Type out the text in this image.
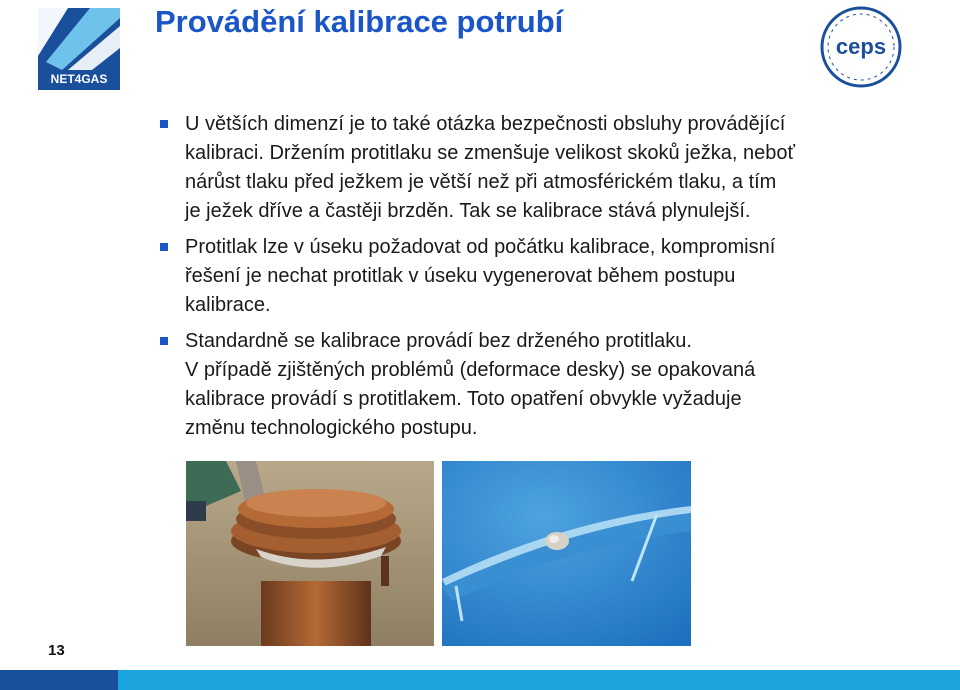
NET4GAS
Provádění kalibrace potrubí
ceps
U větších dimenzí je to také otázka bezpečnosti obsluhy provádějící
kalibraci. Držením protitlaku se zmenšuje velikost skoků ježka, neboť
nárůst tlaku před ježkem je větší než při atmosférickém tlaku, a tím
je ježek dříve a častěji brzděn. Tak se kalibrace stává plynulejší.
Protitlak lze v úseku požadovat od počátku kalibrace, kompromisní
řešení je nechat protitlak v úseku vygenerovat během postupu
kalibrace.
Standardně se kalibrace provádí bez drženého protitlaku.
V případě zjištěných problémů (deformace desky) se opakovaná
kalibrace provádí s protitlakem. Toto opatření obvykle vyžaduje
změnu technologického postupu.
13
